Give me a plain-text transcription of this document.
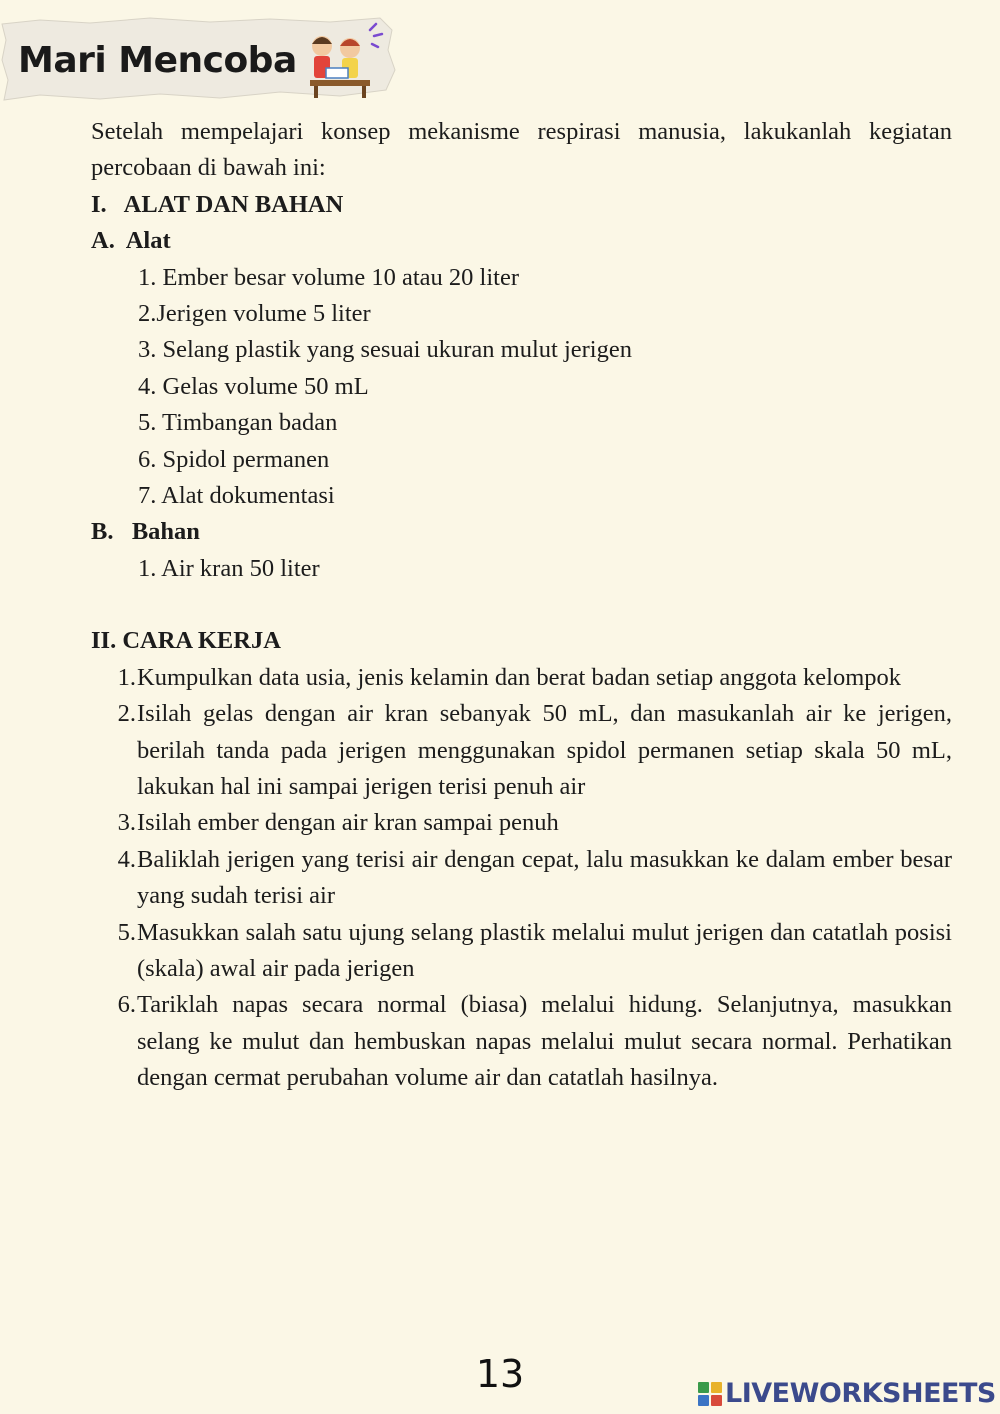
Mari Mencoba

Setelah mempelajari konsep mekanisme respirasi manusia, lakukanlah kegiatan percobaan di bawah ini:

I.   ALAT DAN BAHAN

A.  Alat

1. Ember besar volume 10 atau 20 liter
2.Jerigen volume 5 liter
3. Selang plastik yang sesuai ukuran mulut jerigen
4. Gelas volume 50 mL
5. Timbangan badan
6. Spidol permanen
7. Alat dokumentasi

B.   Bahan

1. Air kran 50 liter

II. CARA KERJA

1. Kumpulkan data usia, jenis kelamin dan berat badan setiap anggota kelompok
2. Isilah gelas dengan air kran sebanyak 50 mL, dan masukanlah air ke jerigen, berilah tanda pada jerigen menggunakan spidol permanen setiap skala 50 mL, lakukan hal ini sampai jerigen terisi penuh air
3. Isilah ember dengan air kran sampai penuh
4. Baliklah jerigen yang terisi air dengan cepat, lalu masukkan ke dalam ember besar yang sudah terisi air
5. Masukkan salah satu ujung selang plastik melalui mulut jerigen dan catatlah posisi (skala) awal air pada jerigen
6. Tariklah napas secara normal (biasa) melalui hidung. Selanjutnya, masukkan selang ke mulut dan hembuskan napas melalui mulut secara normal. Perhatikan dengan cermat perubahan volume air dan catatlah hasilnya.
13	LIVEWORKSHEETS
